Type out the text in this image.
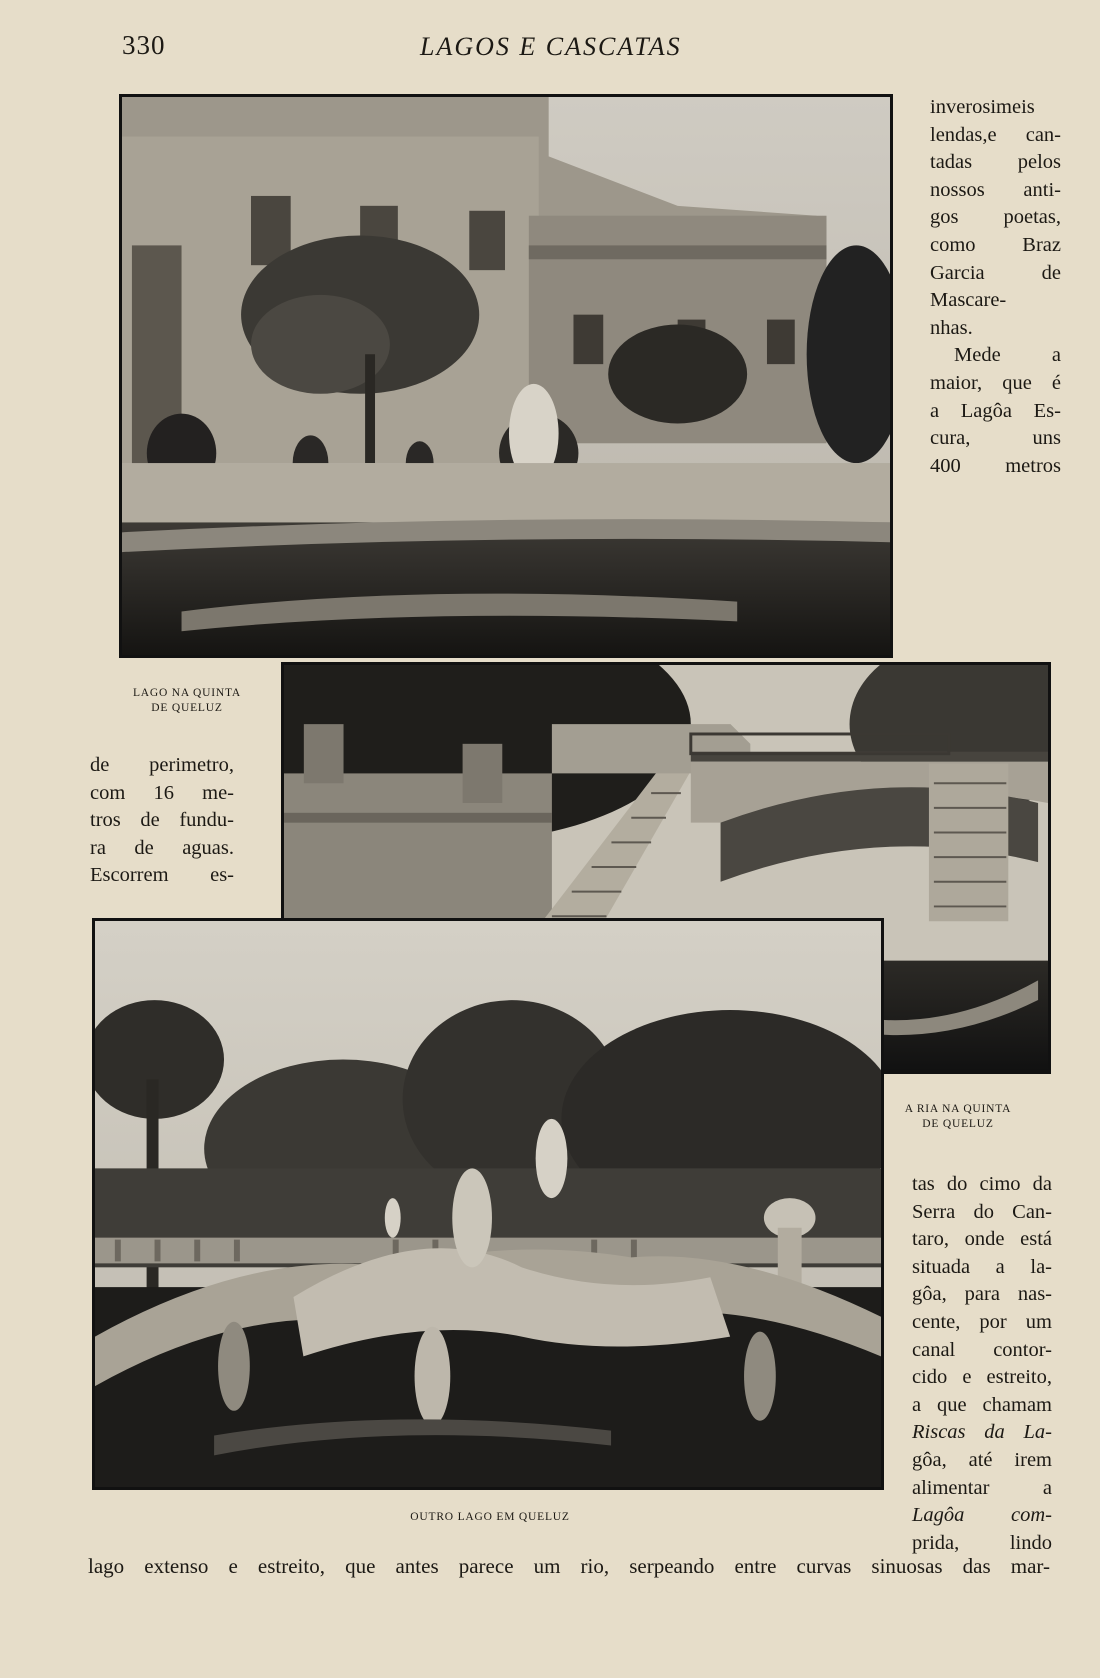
330	LAGOS E CASCATAS
inverosimeis
lendas,e can-
tadas pelos
nossos anti-
gos poetas,
como Braz
Garcia de
Mascare-
nhas.
Mede a
maior, que é
a Lagôa Es-
cura, uns
400 metros
LAGO NA QUINTA
DE QUELUZ
de perimetro,
com 16 me-
tros de fundu-
ra de aguas.
Escorrem es-
A RIA NA QUINTA
DE QUELUZ
OUTRO LAGO EM QUELUZ
tas do cimo da
Serra do Can-
taro, onde está
situada a la-
gôa, para nas-
cente, por um
canal contor-
cido e estreito,
a que chamam
Riscas da La-
gôa, até irem
alimentar a
Lagôa com-
prida, lindo
lago extenso e estreito, que antes parece um rio, serpeando entre curvas sinuosas das mar-
